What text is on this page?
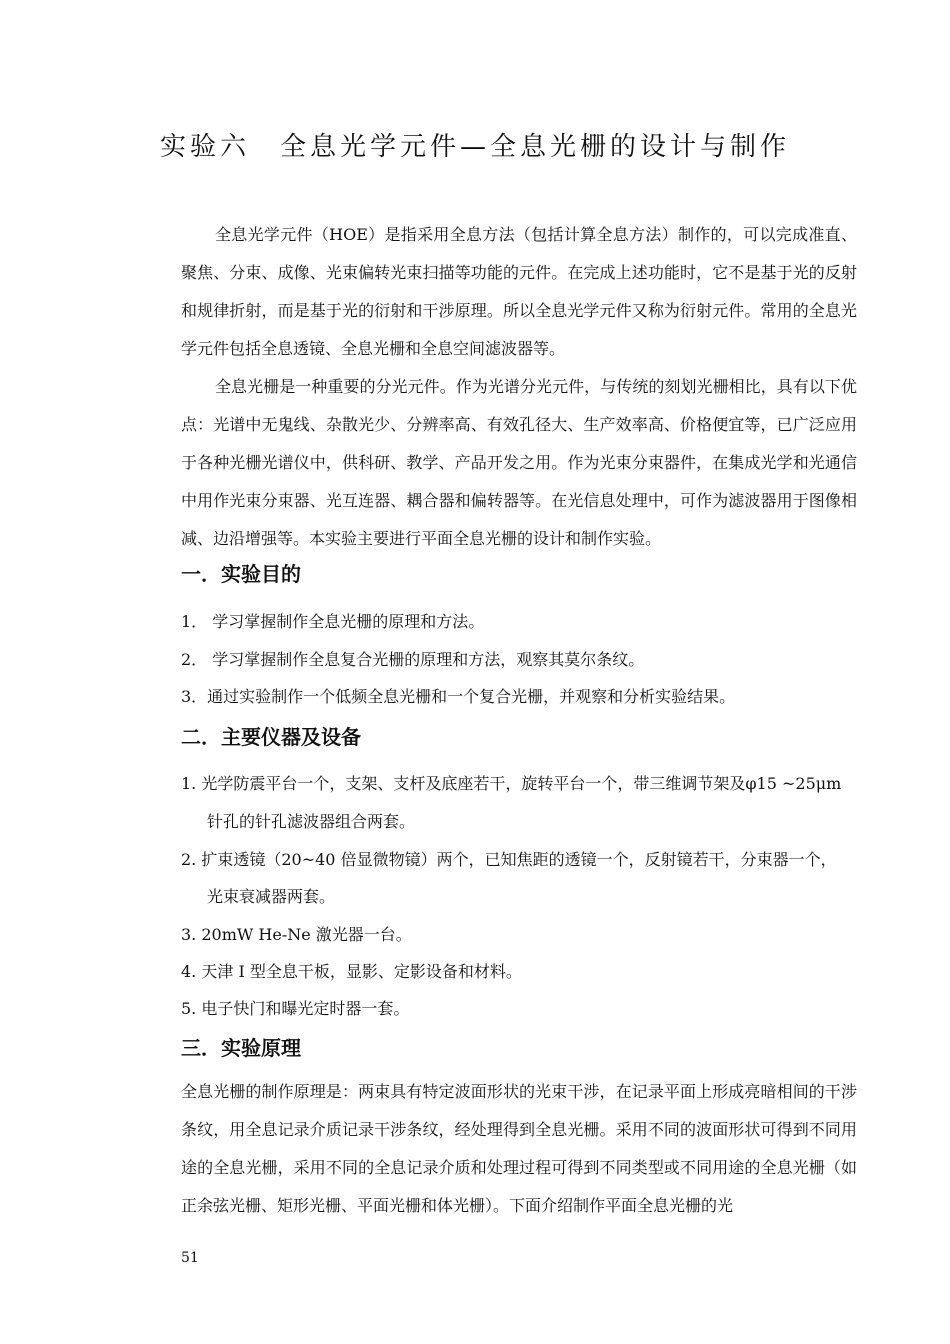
实验六 全息光学元件—全息光栅的设计与制作

全息光学元件（HOE）是指采用全息方法（包括计算全息方法）制作的，可以完成准直、聚焦、分束、成像、光束偏转光束扫描等功能的元件。在完成上述功能时，它不是基于光的反射和规律折射，而是基于光的衍射和干涉原理。所以全息光学元件又称为衍射元件。常用的全息光学元件包括全息透镜、全息光栅和全息空间滤波器等。

全息光栅是一种重要的分光元件。作为光谱分光元件，与传统的刻划光栅相比，具有以下优点：光谱中无鬼线、杂散光少、分辨率高、有效孔径大、生产效率高、价格便宜等，已广泛应用于各种光栅光谱仪中，供科研、教学、产品开发之用。作为光束分束器件，在集成光学和光通信中用作光束分束器、光互连器、耦合器和偏转器等。在光信息处理中，可作为滤波器用于图像相减、边沿增强等。本实验主要进行平面全息光栅的设计和制作实验。

一．实验目的
1． 学习掌握制作全息光栅的原理和方法。
2． 学习掌握制作全息复合光栅的原理和方法，观察其莫尔条纹。
3．通过实验制作一个低频全息光栅和一个复合光栅，并观察和分析实验结果。
二．主要仪器及设备
1. 光学防震平台一个，支架、支杆及底座若干，旋转平台一个，带三维调节架及φ15 ~25μm
针孔的针孔滤波器组合两套。
2. 扩束透镜（20~40 倍显微物镜）两个，已知焦距的透镜一个，反射镜若干，分束器一个，
光束衰减器两套。
3. 20mW He-Ne 激光器一台。
4. 天津 I 型全息干板，显影、定影设备和材料。
5. 电子快门和曝光定时器一套。
三．实验原理

全息光栅的制作原理是：两束具有特定波面形状的光束干涉，在记录平面上形成亮暗相间的干涉条纹，用全息记录介质记录干涉条纹，经处理得到全息光栅。采用不同的波面形状可得到不同用途的全息光栅，采用不同的全息记录介质和处理过程可得到不同类型或不同用途的全息光栅（如正余弦光栅、矩形光栅、平面光栅和体光栅）。下面介绍制作平面全息光栅的光

51
